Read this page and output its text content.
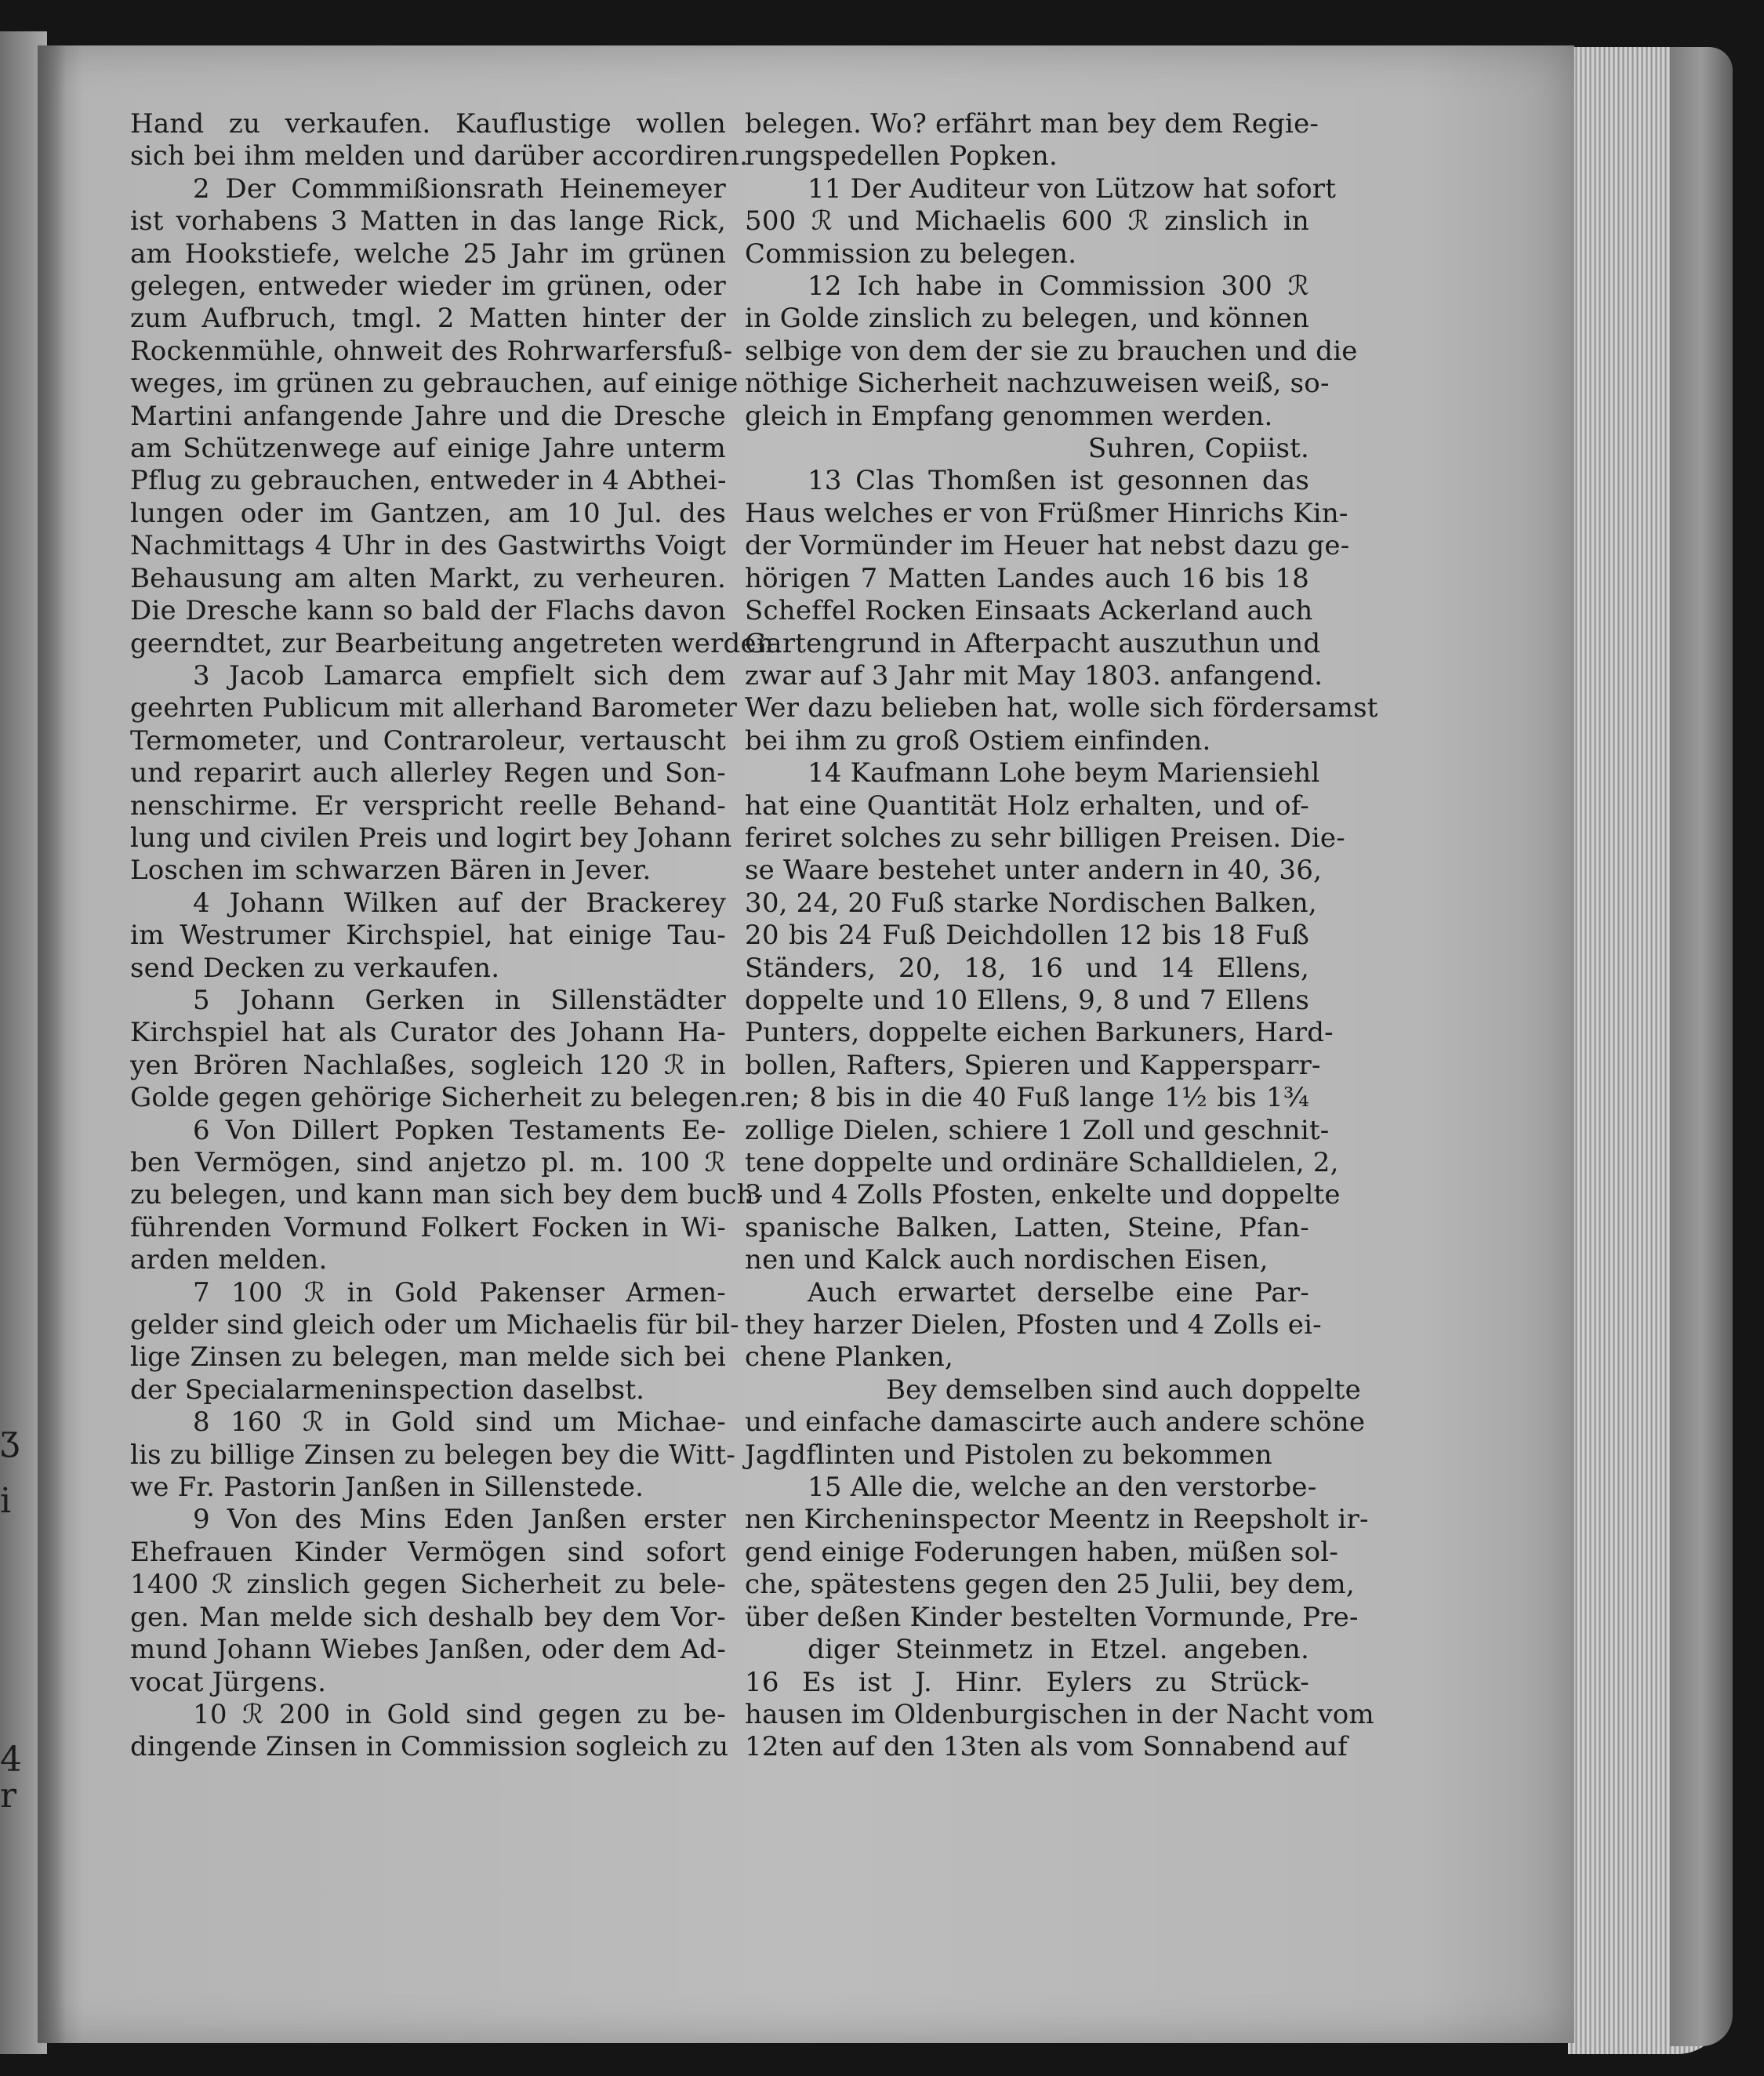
ʒ
i
4
r
Hand zu verkaufen. Kauflustige wollen
sich bei ihm melden und darüber accordiren.
2 Der Commmißionsrath Heinemeyer
ist vorhabens 3 Matten in das lange Rick,
am Hookstiefe, welche 25 Jahr im grünen
gelegen, entweder wieder im grünen, oder
zum Aufbruch, tmgl. 2 Matten hinter der
Rockenmühle, ohnweit des Rohrwarfersfuß-
weges, im grünen zu gebrauchen, auf einige
Martini anfangende Jahre und die Dresche
am Schützenwege auf einige Jahre unterm
Pflug zu gebrauchen, entweder in 4 Abthei-
lungen oder im Gantzen, am 10 Jul. des
Nachmittags 4 Uhr in des Gastwirths Voigt
Behausung am alten Markt, zu verheuren.
Die Dresche kann so bald der Flachs davon
geerndtet, zur Bearbeitung angetreten werden.
3 Jacob Lamarca empfielt sich dem
geehrten Publicum mit allerhand Barometer
Termometer, und Contraroleur, vertauscht
und reparirt auch allerley Regen und Son-
nenschirme. Er verspricht reelle Behand-
lung und civilen Preis und logirt bey Johann
Loschen im schwarzen Bären in Jever.
4 Johann Wilken auf der Brackerey
im Westrumer Kirchspiel, hat einige Tau-
send Decken zu verkaufen.
5 Johann Gerken in Sillenstädter
Kirchspiel hat als Curator des Johann Ha-
yen Brören Nachlaßes, sogleich 120 ℛ in
Golde gegen gehörige Sicherheit zu belegen.
6 Von Dillert Popken Testaments Ee-
ben Vermögen, sind anjetzo pl. m. 100 ℛ
zu belegen, und kann man sich bey dem buch-
führenden Vormund Folkert Focken in Wi-
arden melden.
7 100 ℛ in Gold Pakenser Armen-
gelder sind gleich oder um Michaelis für bil-
lige Zinsen zu belegen, man melde sich bei
der Specialarmeninspection daselbst.
8 160 ℛ in Gold sind um Michae-
lis zu billige Zinsen zu belegen bey die Witt-
we Fr. Pastorin Janßen in Sillenstede.
9 Von des Mins Eden Janßen erster
Ehefrauen Kinder Vermögen sind sofort
1400 ℛ zinslich gegen Sicherheit zu bele-
gen. Man melde sich deshalb bey dem Vor-
mund Johann Wiebes Janßen, oder dem Ad-
vocat Jürgens.
10 ℛ 200 in Gold sind gegen zu be-
dingende Zinsen in Commission sogleich zu
belegen. Wo? erfährt man bey dem Regie-
rungspedellen Popken.
11 Der Auditeur von Lützow hat sofort
500 ℛ und Michaelis 600 ℛ zinslich in
Commission zu belegen.
12 Ich habe in Commission 300 ℛ
in Golde zinslich zu belegen, und können
selbige von dem der sie zu brauchen und die
nöthige Sicherheit nachzuweisen weiß, so-
gleich in Empfang genommen werden.
Suhren, Copiist.
13 Clas Thomßen ist gesonnen das
Haus welches er von Früßmer Hinrichs Kin-
der Vormünder im Heuer hat nebst dazu ge-
hörigen 7 Matten Landes auch 16 bis 18
Scheffel Rocken Einsaats Ackerland auch
Gartengrund in Afterpacht auszuthun und
zwar auf 3 Jahr mit May 1803. anfangend.
Wer dazu belieben hat, wolle sich fördersamst
bei ihm zu groß Ostiem einfinden.
14 Kaufmann Lohe beym Mariensiehl
hat eine Quantität Holz erhalten, und of-
feriret solches zu sehr billigen Preisen. Die-
se Waare bestehet unter andern in 40, 36,
30, 24, 20 Fuß starke Nordischen Balken,
20 bis 24 Fuß Deichdollen 12 bis 18 Fuß
Ständers, 20, 18, 16 und 14 Ellens,
doppelte und 10 Ellens, 9, 8 und 7 Ellens
Punters, doppelte eichen Barkuners, Hard-
bollen, Rafters, Spieren und Kappersparr-
ren; 8 bis in die 40 Fuß lange 1½ bis 1¾
zollige Dielen, schiere 1 Zoll und geschnit-
tene doppelte und ordinäre Schalldielen, 2,
3 und 4 Zolls Pfosten, enkelte und doppelte
spanische Balken, Latten, Steine, Pfan-
nen und Kalck auch nordischen Eisen,
Auch erwartet derselbe eine Par-
they harzer Dielen, Pfosten und 4 Zolls ei-
chene Planken,
Bey demselben sind auch doppelte
und einfache damascirte auch andere schöne
Jagdflinten und Pistolen zu bekommen
15 Alle die, welche an den verstorbe-
nen Kircheninspector Meentz in Reepsholt ir-
gend einige Foderungen haben, müßen sol-
che, spätestens gegen den 25 Julii, bey dem,
über deßen Kinder bestelten Vormunde, Pre-
diger Steinmetz in Etzel. angeben.
16 Es ist J. Hinr. Eylers zu Strück-
hausen im Oldenburgischen in der Nacht vom
12ten auf den 13ten als vom Sonnabend auf
